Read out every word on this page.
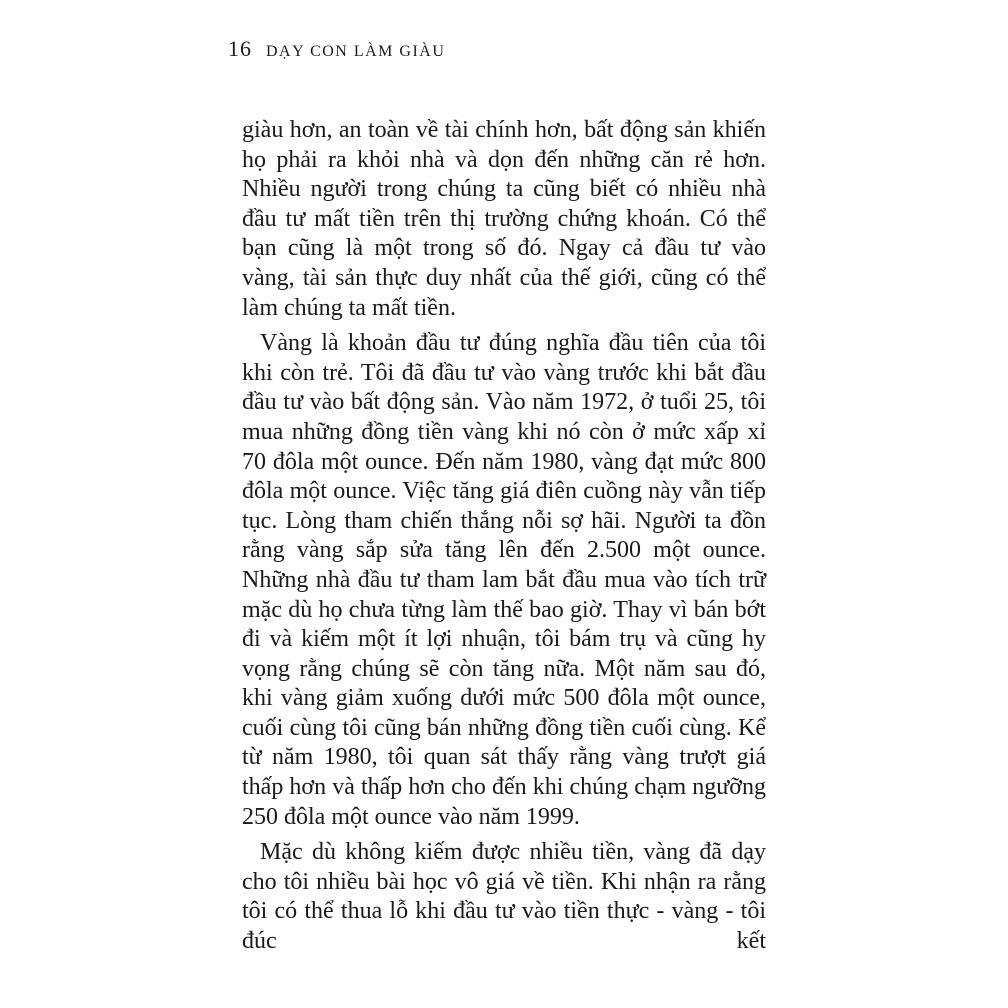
16 DẠY CON LÀM GIÀU

giàu hơn, an toàn về tài chính hơn, bất động sản khiến họ phải ra khỏi nhà và dọn đến những căn rẻ hơn. Nhiều người trong chúng ta cũng biết có nhiều nhà đầu tư mất tiền trên thị trường chứng khoán. Có thể bạn cũng là một trong số đó. Ngay cả đầu tư vào vàng, tài sản thực duy nhất của thế giới, cũng có thể làm chúng ta mất tiền.

Vàng là khoản đầu tư đúng nghĩa đầu tiên của tôi khi còn trẻ. Tôi đã đầu tư vào vàng trước khi bắt đầu đầu tư vào bất động sản. Vào năm 1972, ở tuổi 25, tôi mua những đồng tiền vàng khi nó còn ở mức xấp xỉ 70 đôla một ounce. Đến năm 1980, vàng đạt mức 800 đôla một ounce. Việc tăng giá điên cuồng này vẫn tiếp tục. Lòng tham chiến thắng nỗi sợ hãi. Người ta đồn rằng vàng sắp sửa tăng lên đến 2.500 một ounce. Những nhà đầu tư tham lam bắt đầu mua vào tích trữ mặc dù họ chưa từng làm thế bao giờ. Thay vì bán bớt đi và kiếm một ít lợi nhuận, tôi bám trụ và cũng hy vọng rằng chúng sẽ còn tăng nữa. Một năm sau đó, khi vàng giảm xuống dưới mức 500 đôla một ounce, cuối cùng tôi cũng bán những đồng tiền cuối cùng. Kể từ năm 1980, tôi quan sát thấy rằng vàng trượt giá thấp hơn và thấp hơn cho đến khi chúng chạm ngưỡng 250 đôla một ounce vào năm 1999.

Mặc dù không kiếm được nhiều tiền, vàng đã dạy cho tôi nhiều bài học vô giá về tiền. Khi nhận ra rằng tôi có thể thua lỗ khi đầu tư vào tiền thực - vàng - tôi đúc kết
